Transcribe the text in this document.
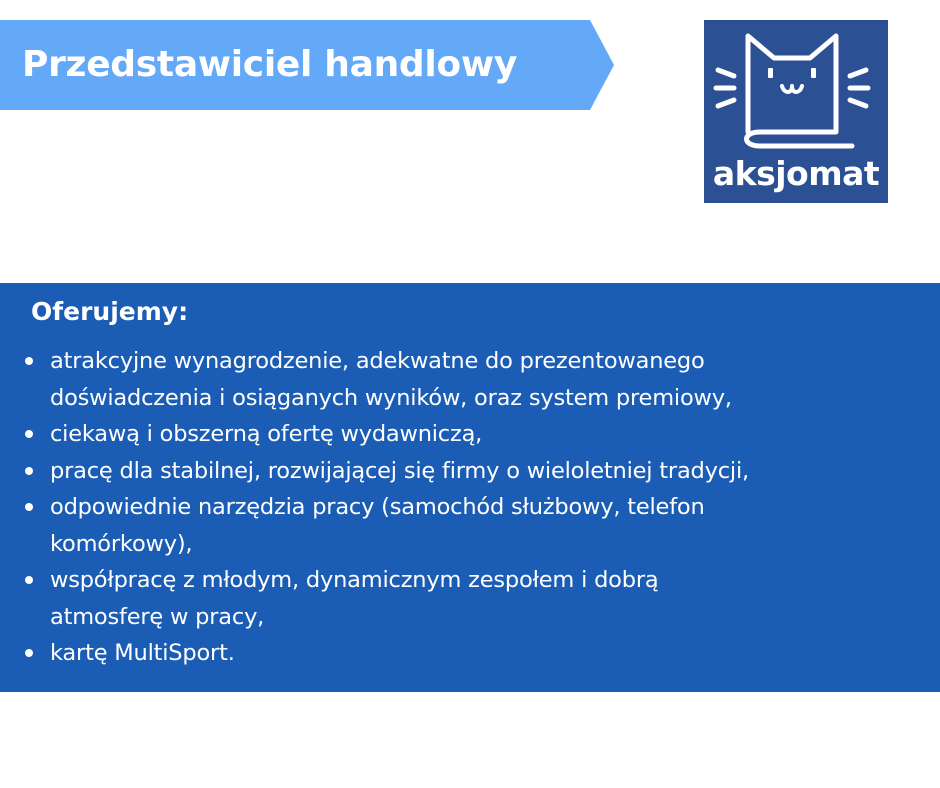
Przedstawiciel handlowy
aksjomat
Oferujemy:
atrakcyjne wynagrodzenie, adekwatne do prezentowanego
doświadczenia i osiąganych wyników, oraz system premiowy,
ciekawą i obszerną ofertę wydawniczą,
pracę dla stabilnej, rozwijającej się firmy o wieloletniej tradycji,
odpowiednie narzędzia pracy (samochód służbowy, telefon
komórkowy),
współpracę z młodym, dynamicznym zespołem i dobrą
atmosferę w pracy,
kartę MultiSport.
